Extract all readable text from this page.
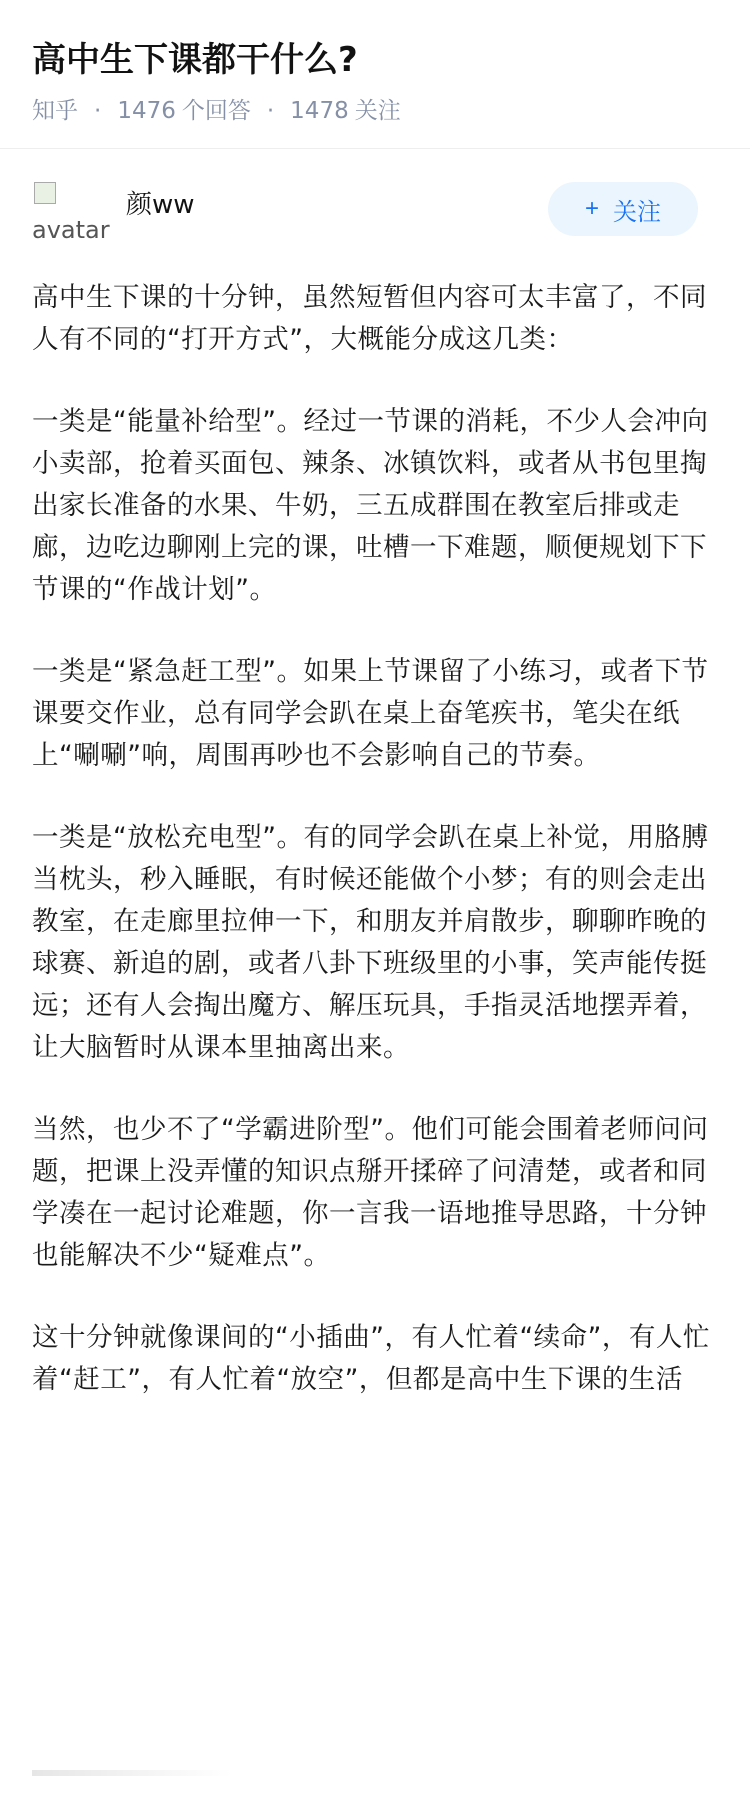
高中生下课都干什么?
知乎 · 1476 个回答 · 1478 关注
avatar
颜ww	+ 关注

高中生下课的十分钟，虽然短暂但内容可太丰富了，不同人有不同的“打开方式”，大概能分成这几类：

一类是“能量补给型”。经过一节课的消耗，不少人会冲向小卖部，抢着买面包、辣条、冰镇饮料，或者从书包里掏出家长准备的水果、牛奶，三五成群围在教室后排或走廊，边吃边聊刚上完的课，吐槽一下难题，顺便规划下下节课的“作战计划”。

一类是“紧急赶工型”。如果上节课留了小练习，或者下节课要交作业，总有同学会趴在桌上奋笔疾书，笔尖在纸上“唰唰”响，周围再吵也不会影响自己的节奏。

一类是“放松充电型”。有的同学会趴在桌上补觉，用胳膊当枕头，秒入睡眠，有时候还能做个小梦；有的则会走出教室，在走廊里拉伸一下，和朋友并肩散步，聊聊昨晚的球赛、新追的剧，或者八卦下班级里的小事，笑声能传挺远；还有人会掏出魔方、解压玩具，手指灵活地摆弄着，让大脑暂时从课本里抽离出来。

当然，也少不了“学霸进阶型”。他们可能会围着老师问问题，把课上没弄懂的知识点掰开揉碎了问清楚，或者和同学凑在一起讨论难题，你一言我一语地推导思路，十分钟也能解决不少“疑难点”。

这十分钟就像课间的“小插曲”，有人忙着“续命”，有人忙着“赶工”，有人忙着“放空”，但都是高中生下课的生活
